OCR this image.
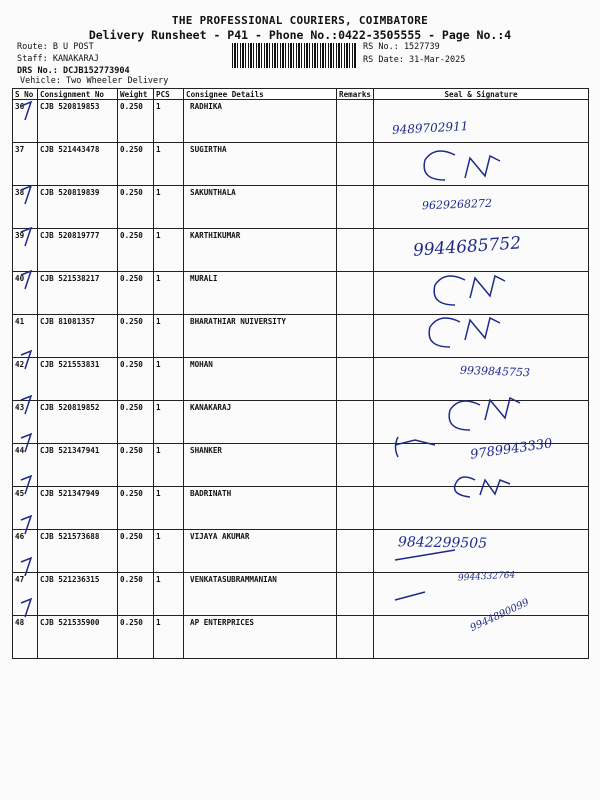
THE PROFESSIONAL COURIERS, COIMBATORE
Delivery Runsheet - P41 - Phone No.:0422-3505555 - Page No.:4
Route: B U POST
Staff: KANAKARAJ
DRS No.: DCJB152773904
Vehicle: Two Wheeler Delivery
RS No.: 1527739
RS Date: 31-Mar-2025
S No	Consignment No	Weight	PCS	Consignee Details	Remarks	Seal & Signature
36	CJB 520819853	0.250	1	RADHIKA		
37	CJB 521443478	0.250	1	SUGIRTHA		
38	CJB 520819839	0.250	1	SAKUNTHALA		
39	CJB 520819777	0.250	1	KARTHIKUMAR		
40	CJB 521538217	0.250	1	MURALI		
41	CJB 81081357	0.250	1	BHARATHIAR NUIVERSITY		
42	CJB 521553831	0.250	1	MOHAN		
43	CJB 520819852	0.250	1	KANAKARAJ		
44	CJB 521347941	0.250	1	SHANKER		
45	CJB 521347949	0.250	1	BADRINATH		
46	CJB 521573688	0.250	1	VIJAYA AKUMAR		
47	CJB 521236315	0.250	1	VENKATASUBRAMMANIAN		
48	CJB 521535900	0.250	1	AP ENTERPRICES		
9489702911
9629268272
9944685752
9939845753
9789943330
9842299505
9944332764
9944890099
